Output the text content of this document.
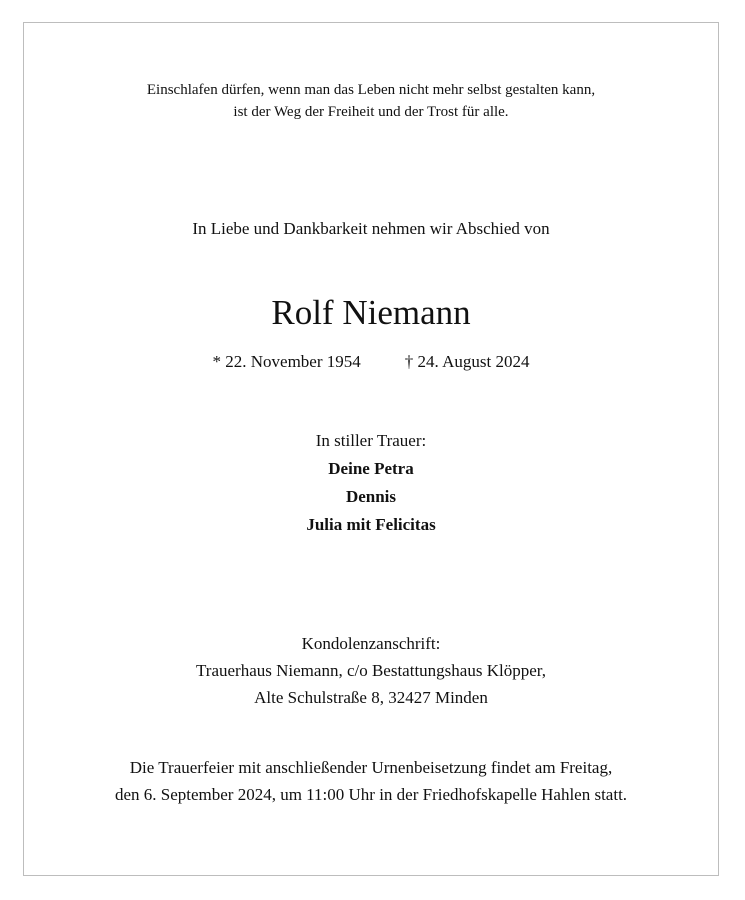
Einschlafen dürfen, wenn man das Leben nicht mehr selbst gestalten kann,
ist der Weg der Freiheit und der Trost für alle.
In Liebe und Dankbarkeit nehmen wir Abschied von
Rolf Niemann
* 22. November 1954	† 24. August 2024
In stiller Trauer:
Deine Petra
Dennis
Julia mit Felicitas
Kondolenzanschrift:
Trauerhaus Niemann, c/o Bestattungshaus Klöpper,
Alte Schulstraße 8, 32427 Minden
Die Trauerfeier mit anschließender Urnenbeisetzung findet am Freitag,
den 6. September 2024, um 11:00 Uhr in der Friedhofskapelle Hahlen statt.
